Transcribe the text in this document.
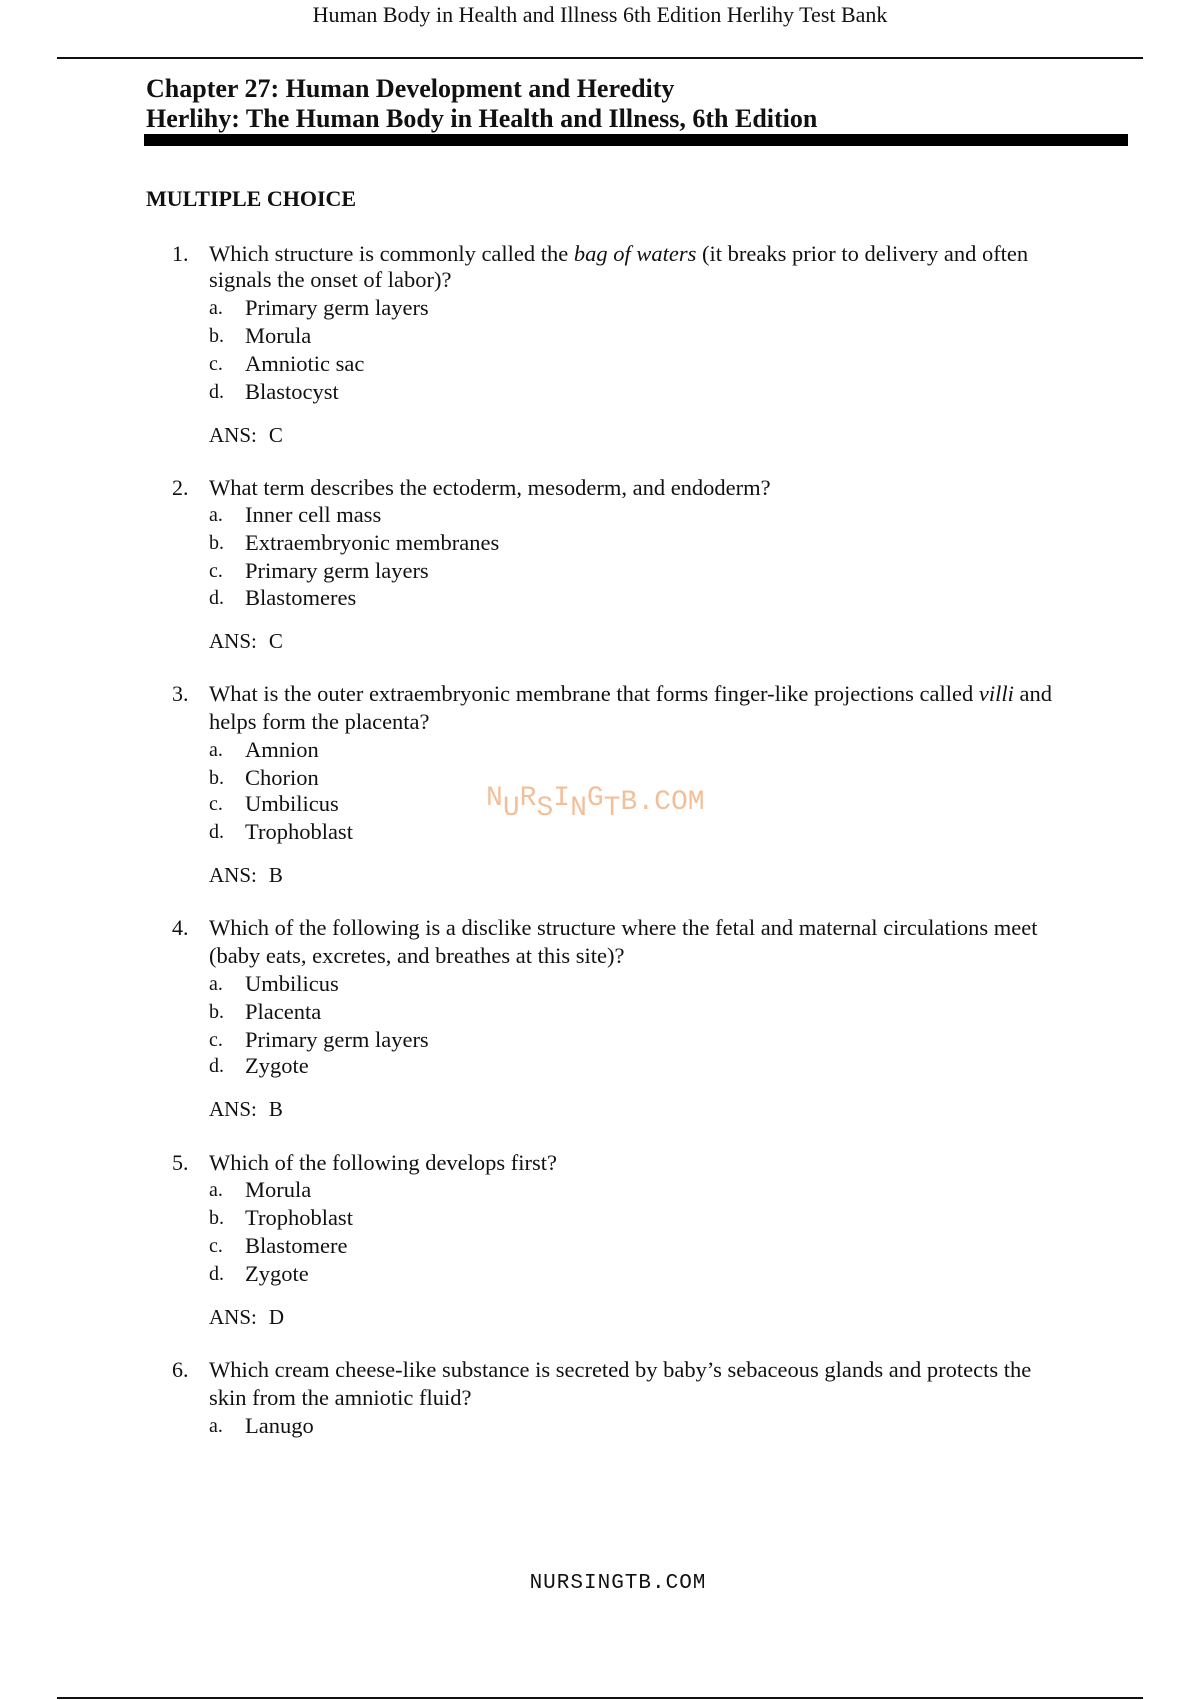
Human Body in Health and Illness 6th Edition Herlihy Test Bank
Chapter 27: Human Development and Heredity
Herlihy: The Human Body in Health and Illness, 6th Edition
MULTIPLE CHOICE
1. Which structure is commonly called the bag of waters (it breaks prior to delivery and often
signals the onset of labor)?
a. Primary germ layers
b. Morula
c. Amniotic sac
d. Blastocyst
ANS: C
2. What term describes the ectoderm, mesoderm, and endoderm?
a. Inner cell mass
b. Extraembryonic membranes
c. Primary germ layers
d. Blastomeres
ANS: C
3. What is the outer extraembryonic membrane that forms finger-like projections called villi and
helps form the placenta?
a. Amnion
b. Chorion
c. Umbilicus
d. Trophoblast
ANS: B
4. Which of the following is a disclike structure where the fetal and maternal circulations meet
(baby eats, excretes, and breathes at this site)?
a. Umbilicus
b. Placenta
c. Primary germ layers
d. Zygote
ANS: B
5. Which of the following develops first?
a. Morula
b. Trophoblast
c. Blastomere
d. Zygote
ANS: D
6. Which cream cheese-like substance is secreted by baby’s sebaceous glands and protects the
skin from the amniotic fluid?
a. Lanugo
NURSINGTB.COM
NURSINGTB.COM
